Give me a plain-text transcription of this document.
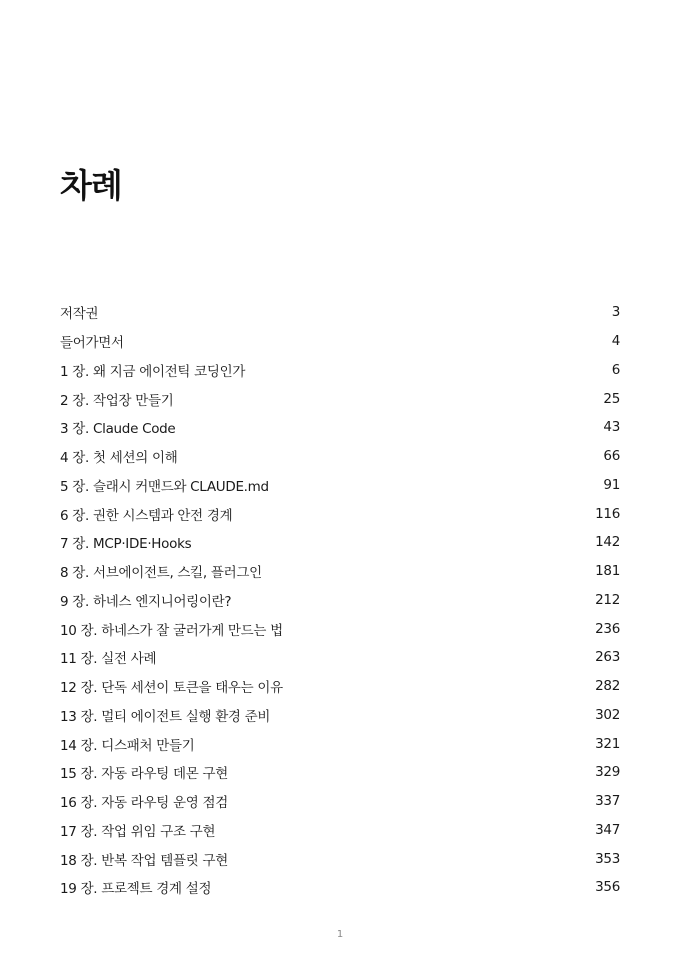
차례
저작권	3
들어가면서	4
1 장. 왜 지금 에이전틱 코딩인가	6
2 장. 작업장 만들기	25
3 장. Claude Code	43
4 장. 첫 세션의 이해	66
5 장. 슬래시 커맨드와 CLAUDE.md	91
6 장. 권한 시스템과 안전 경계	116
7 장. MCP·IDE·Hooks	142
8 장. 서브에이전트, 스킬, 플러그인	181
9 장. 하네스 엔지니어링이란?	212
10 장. 하네스가 잘 굴러가게 만드는 법	236
11 장. 실전 사례	263
12 장. 단독 세션이 토큰을 태우는 이유	282
13 장. 멀티 에이전트 실행 환경 준비	302
14 장. 디스패처 만들기	321
15 장. 자동 라우팅 데몬 구현	329
16 장. 자동 라우팅 운영 점검	337
17 장. 작업 위임 구조 구현	347
18 장. 반복 작업 템플릿 구현	353
19 장. 프로젝트 경계 설정	356
1
